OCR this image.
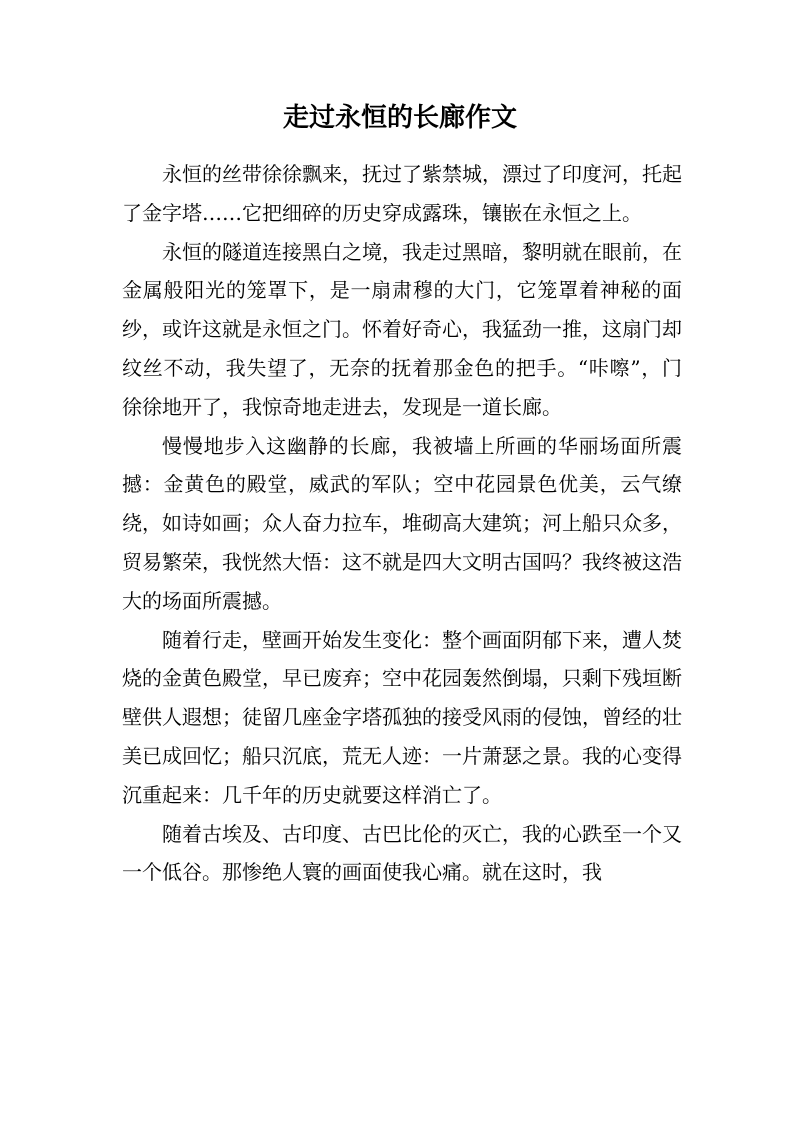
走过永恒的长廊作文

永恒的丝带徐徐飘来，抚过了紫禁城，漂过了印度河，托起了金字塔……它把细碎的历史穿成露珠，镶嵌在永恒之上。

永恒的隧道连接黑白之境，我走过黑暗，黎明就在眼前，在金属般阳光的笼罩下，是一扇肃穆的大门，它笼罩着神秘的面纱，或许这就是永恒之门。怀着好奇心，我猛劲一推，这扇门却纹丝不动，我失望了，无奈的抚着那金色的把手。“咔嚓”，门徐徐地开了，我惊奇地走进去，发现是一道长廊。

慢慢地步入这幽静的长廊，我被墙上所画的华丽场面所震撼：金黄色的殿堂，威武的军队；空中花园景色优美，云气缭绕，如诗如画；众人奋力拉车，堆砌高大建筑；河上船只众多，贸易繁荣，我恍然大悟：这不就是四大文明古国吗？我终被这浩大的场面所震撼。

随着行走，壁画开始发生变化：整个画面阴郁下来，遭人焚烧的金黄色殿堂，早已废弃；空中花园轰然倒塌，只剩下残垣断壁供人遐想；徒留几座金字塔孤独的接受风雨的侵蚀，曾经的壮美已成回忆；船只沉底，荒无人迹：一片萧瑟之景。我的心变得沉重起来：几千年的历史就要这样消亡了。

随着古埃及、古印度、古巴比伦的灭亡，我的心跌至一个又一个低谷。那惨绝人寰的画面使我心痛。就在这时，我
